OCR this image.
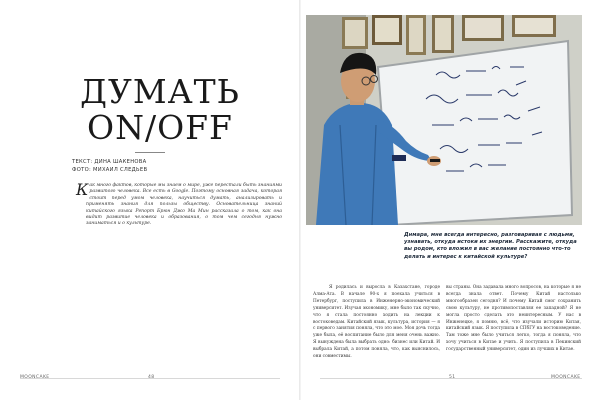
ДУМАТЬ
ON/OFF
ТЕКСТ: ДИНА ШАКЕНОВА
ФОТО: МИХАИЛ СЛЕДЬЕВ
Как много фактов, которые мы знаем о мире, уже перестали быть знаниями развитого человека. Все есть в Google. Поэтому основная задача, которая стоит перед умом человека, научиться думать, анализировать и применять знания для пользы обществу. Основательница знаний китайского языка Репорт Брюн Джо Ма Мин рассказала о том, как она видит развитие человека и образования, о том чем сегодня нужно заниматься и о культуре.
Днмара, мне всегда интересно, разговаривая с людьми, узнавать, откуда истоки их энергии. Расскажите, откуда вы родом, кто вложил в вас желание постоянно что-то делать и интерес к китайской культуре?
Я родилась и выросла в Казахстане, городе Алма-Ата. В начале 90-х я поехала учиться в Петербург, поступила в Инженерно-экономический университет. Изучая экономику, мне было так скучно, что я стала постоянно ходить на лекции к востоковедам. Китайский язык, культура, история — я с первого занятия поняла, что это мое. Моя дочь тогда уже была, её воспитание было для меня очень важно. Я вынуждена была выбрать одно: бизнес или Китай. И выбрала Китай, а потом поняла, что, как выяснилось, они совместимы.
вы страны. Она задавала много вопросов, на которые я не всегда знала ответ. Почему Китай настолько многообразен сегодня? И почему Китай смог сохранить свою культуру, не противопоставляя ее западной? Я не могла просто сделать это неинтересным. У нас в Инженецке, я помню, всё, что изучали историю Китая, китайский язык. Я поступила в СПбГУ на востоковедение. Там тоже мне было учиться легко, тогда я поняла, что хочу учиться в Китае и учить. Я поступила в Пекинский государственный университет, один из лучших в Китае.
MOONCAKE	48	51	MOONCAKE
